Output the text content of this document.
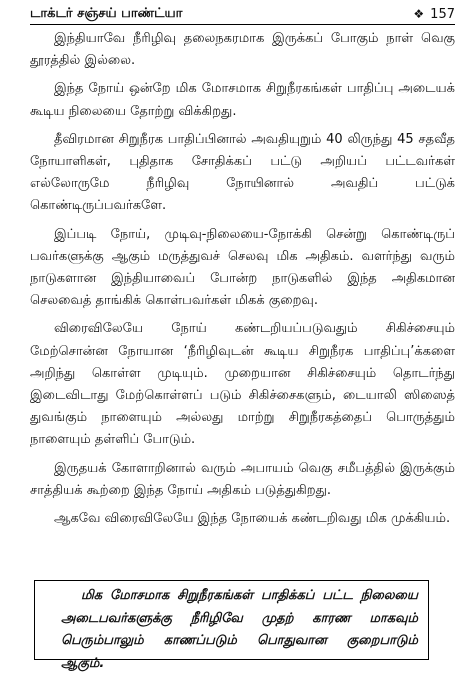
டாக்டர் சஞ்சய் பாண்ட்யா	❖ 157

இந்தியாவே நீரிழிவு தலைநகரமாக இருக்கப் போகும் நாள் வெகு தூரத்தில் இல்லை.

இந்த நோய் ஒன்றே மிக மோசமாக சிறுநீரகங்கள் பாதிப்பு அடையக் கூடிய நிலையை தோற்று விக்கிறது.

தீவிரமான சிறுநீரக பாதிப்பினால் அவதியுறும் 40 லிருந்து 45 சதவீத நோயாளிகள், புதிதாக சோதிக்கப் பட்டு அறியப் பட்டவர்கள் எல்லோருமே நீரிழிவு நோயினால் அவதிப் பட்டுக் கொண்டிருப்பவர்களே.

இப்படி நோய், முடிவு-நிலையை-நோக்கி சென்று கொண்டிருப் பவர்களுக்கு ஆகும் மருத்துவச் செலவு மிக அதிகம். வளர்ந்து வரும் நாடுகளான இந்தியாவைப் போன்ற நாடுகளில் இந்த அதிகமான செலவைத் தாங்கிக் கொள்பவர்கள் மிகக் குறைவு.

விரைவிலேயே நோய் கண்டறியப்படுவதும் சிகிச்சையும் மேற்சொன்ன நோயான ‘நீரிழிவுடன் கூடிய சிறுநீரக பாதிப்பு’க்களை அறிந்து கொள்ள முடியும். முறையான சிகிச்சையும் தொடர்ந்து இடைவிடாது மேற்கொள்ளப் படும் சிகிச்சைகளும், டையாலி ஸிஸைத் துவங்கும் நாளையும் அல்லது மாற்று சிறுநீரகத்தைப் பொருத்தும் நாளையும் தள்ளிப் போடும்.

இருதயக் கோளாறினால் வரும் அபாயம் வெகு சமீபத்தில் இருக்கும் சாத்தியக் கூற்றை இந்த நோய் அதிகம் படுத்துகிறது.

ஆகவே விரைவிலேயே இந்த நோயைக் கண்டறிவது மிக முக்கியம்.

மிக மோசமாக சிறுநீரகங்கள் பாதிக்கப் பட்ட நிலையை அடைபவர்களுக்கு நீரிழிவே முதற் காரண மாகவும் பெரும்பாலும் காணப்படும் பொதுவான குறைபாடும் ஆகும்.
